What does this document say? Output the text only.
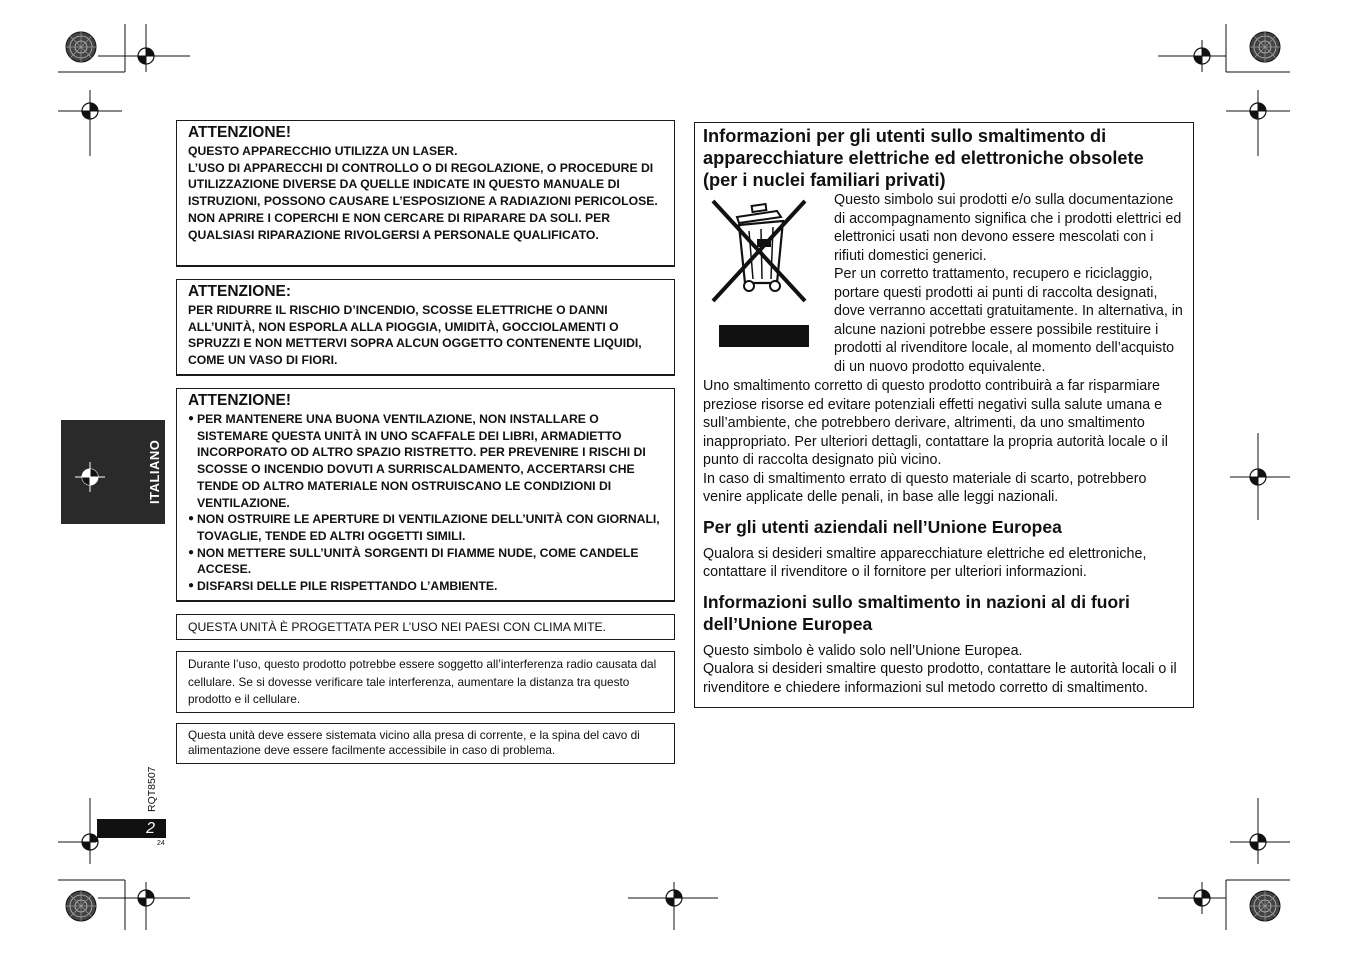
ITALIANO

ATTENZIONE!

QUESTO APPARECCHIO UTILIZZA UN LASER.

L’USO DI APPARECCHI DI CONTROLLO O DI REGOLAZIONE, O PROCEDURE DI UTILIZZAZIONE DIVERSE DA QUELLE INDICATE IN QUESTO MANUALE DI ISTRUZIONI, POSSONO CAUSARE L’ESPOSIZIONE A RADIAZIONI PERICOLOSE.

NON APRIRE I COPERCHI E NON CERCARE DI RIPARARE DA SOLI. PER QUALSIASI RIPARAZIONE RIVOLGERSI A PERSONALE QUALIFICATO.

ATTENZIONE:

PER RIDURRE IL RISCHIO D’INCENDIO, SCOSSE ELETTRICHE O DANNI ALL’UNITÀ, NON ESPORLA ALLA PIOGGIA, UMIDITÀ, GOCCIOLAMENTI O SPRUZZI E NON METTERVI SOPRA ALCUN OGGETTO CONTENENTE LIQUIDI, COME UN VASO DI FIORI.

ATTENZIONE!

● PER MANTENERE UNA BUONA VENTILAZIONE, NON INSTALLARE O SISTEMARE QUESTA UNITÀ IN UNO SCAFFALE DEI LIBRI, ARMADIETTO INCORPORATO OD ALTRO SPAZIO RISTRETTO. PER PREVENIRE I RISCHI DI SCOSSE O INCENDIO DOVUTI A SURRISCALDAMENTO, ACCERTARSI CHE TENDE OD ALTRO MATERIALE NON OSTRUISCANO LE CONDIZIONI DI VENTILAZIONE.
● NON OSTRUIRE LE APERTURE DI VENTILAZIONE DELL’UNITÀ CON GIORNALI, TOVAGLIE, TENDE ED ALTRI OGGETTI SIMILI.
● NON METTERE SULL’UNITÀ SORGENTI DI FIAMME NUDE, COME CANDELE ACCESE.
● DISFARSI DELLE PILE RISPETTANDO L’AMBIENTE.

QUESTA UNITÀ È PROGETTATA PER L’USO NEI PAESI CON CLIMA MITE.

Durante l’uso, questo prodotto potrebbe essere soggetto all’interferenza radio causata dal cellulare. Se si dovesse verificare tale interferenza, aumentare la distanza tra questo prodotto e il cellulare.

Questa unità deve essere sistemata vicino alla presa di corrente, e la spina del cavo di alimentazione deve essere facilmente accessibile in caso di problema.

Informazioni per gli utenti sullo smaltimento di apparecchiature elettriche ed elettroniche obsolete (per i nuclei familiari privati)

Questo simbolo sui prodotti e/o sulla documentazione di accompagnamento significa che i prodotti elettrici ed elettronici usati non devono essere mescolati con i rifiuti domestici generici.

Per un corretto trattamento, recupero e riciclaggio, portare questi prodotti ai punti di raccolta designati, dove verranno accettati gratuitamente. In alternativa, in alcune nazioni potrebbe essere possibile restituire i prodotti al rivenditore locale, al momento dell’acquisto di un nuovo prodotto equivalente.

Uno smaltimento corretto di questo prodotto contribuirà a far risparmiare preziose risorse ed evitare potenziali effetti negativi sulla salute umana e sull’ambiente, che potrebbero derivare, altrimenti, da uno smaltimento inappropriato. Per ulteriori dettagli, contattare la propria autorità locale o il punto di raccolta designato più vicino.

In caso di smaltimento errato di questo materiale di scarto, potrebbero venire applicate delle penali, in base alle leggi nazionali.

Per gli utenti aziendali nell’Unione Europea

Qualora si desideri smaltire apparecchiature elettriche ed elettroniche, contattare il rivenditore o il fornitore per ulteriori informazioni.

Informazioni sullo smaltimento in nazioni al di fuori dell’Unione Europea

Questo simbolo è valido solo nell’Unione Europea.

Qualora si desideri smaltire questo prodotto, contattare le autorità locali o il rivenditore e chiedere informazioni sul metodo corretto di smaltimento.

RQT8507
2
24
